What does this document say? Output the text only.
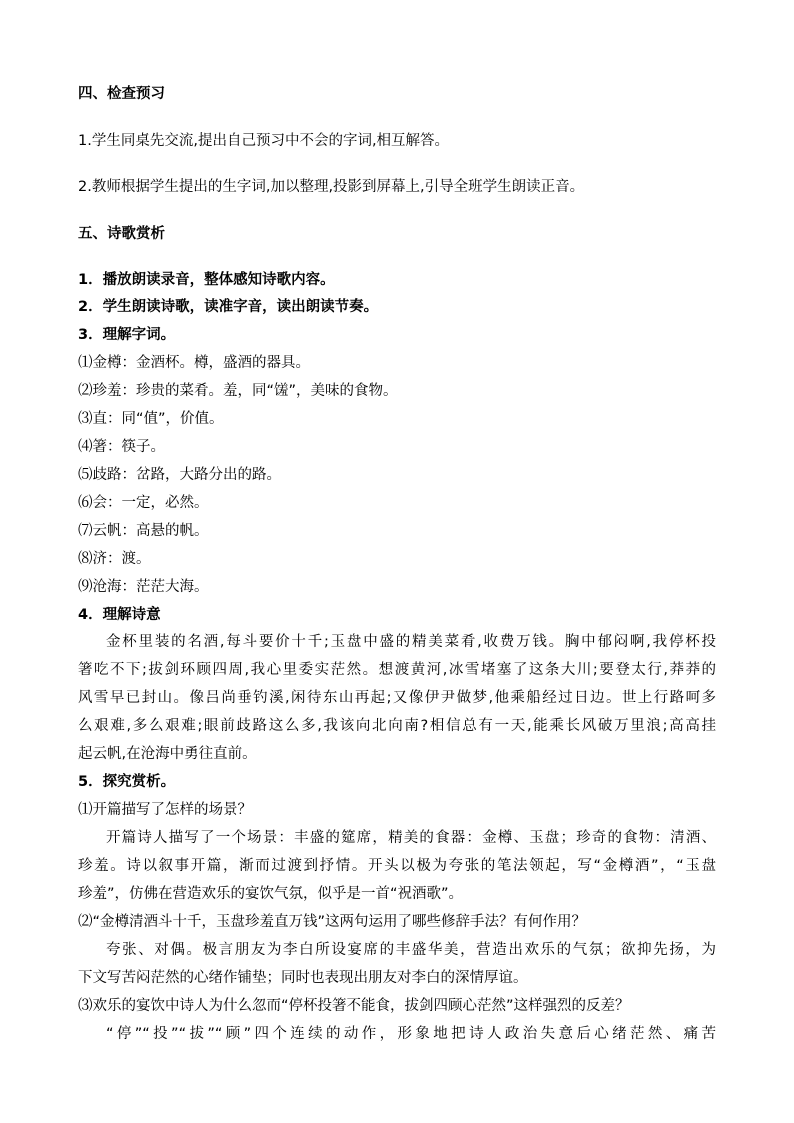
四、检查预习
1.学生同桌先交流,提出自己预习中不会的字词,相互解答。
2.教师根据学生提出的生字词,加以整理,投影到屏幕上,引导全班学生朗读正音。
五、诗歌赏析
1．播放朗读录音，整体感知诗歌内容。
2．学生朗读诗歌，读准字音，读出朗读节奏。
3．理解字词。
⑴金樽：金酒杯。樽，盛酒的器具。
⑵珍羞：珍贵的菜肴。羞，同“馐”，美味的食物。
⑶直：同“值”，价值。
⑷箸：筷子。
⑸歧路：岔路，大路分出的路。
⑹会：一定，必然。
⑺云帆：高悬的帆。
⑻济：渡。
⑼沧海：茫茫大海。
4．理解诗意
金杯里装的名酒,每斗要价十千;玉盘中盛的精美菜肴,收费万钱。胸中郁闷啊,我停杯投
箸吃不下;拔剑环顾四周,我心里委实茫然。想渡黄河,冰雪堵塞了这条大川;要登太行,莽莽的
风雪早已封山。像吕尚垂钓溪,闲待东山再起;又像伊尹做梦,他乘船经过日边。世上行路呵多
么艰难,多么艰难;眼前歧路这么多,我该向北向南?相信总有一天,能乘长风破万里浪;高高挂
起云帆,在沧海中勇往直前。
5．探究赏析。
⑴开篇描写了怎样的场景？
开篇诗人描写了一个场景：丰盛的筵席，精美的食器：金樽、玉盘；珍奇的食物：清酒、
珍羞。诗以叙事开篇，渐而过渡到抒情。开头以极为夸张的笔法领起，写“金樽酒”，“玉盘
珍羞”，仿佛在营造欢乐的宴饮气氛，似乎是一首“祝酒歌”。
⑵“金樽清酒斗十千，玉盘珍羞直万钱”这两句运用了哪些修辞手法？有何作用？
夸张、对偶。极言朋友为李白所设宴席的丰盛华美，营造出欢乐的气氛；欲抑先扬，为
下文写苦闷茫然的心绪作铺垫；同时也表现出朋友对李白的深情厚谊。
⑶欢乐的宴饮中诗人为什么忽而“停杯投箸不能食，拔剑四顾心茫然”这样强烈的反差？
“停”“投”“拔”“顾”四个连续的动作，形象地把诗人政治失意后心绪茫然、痛苦
